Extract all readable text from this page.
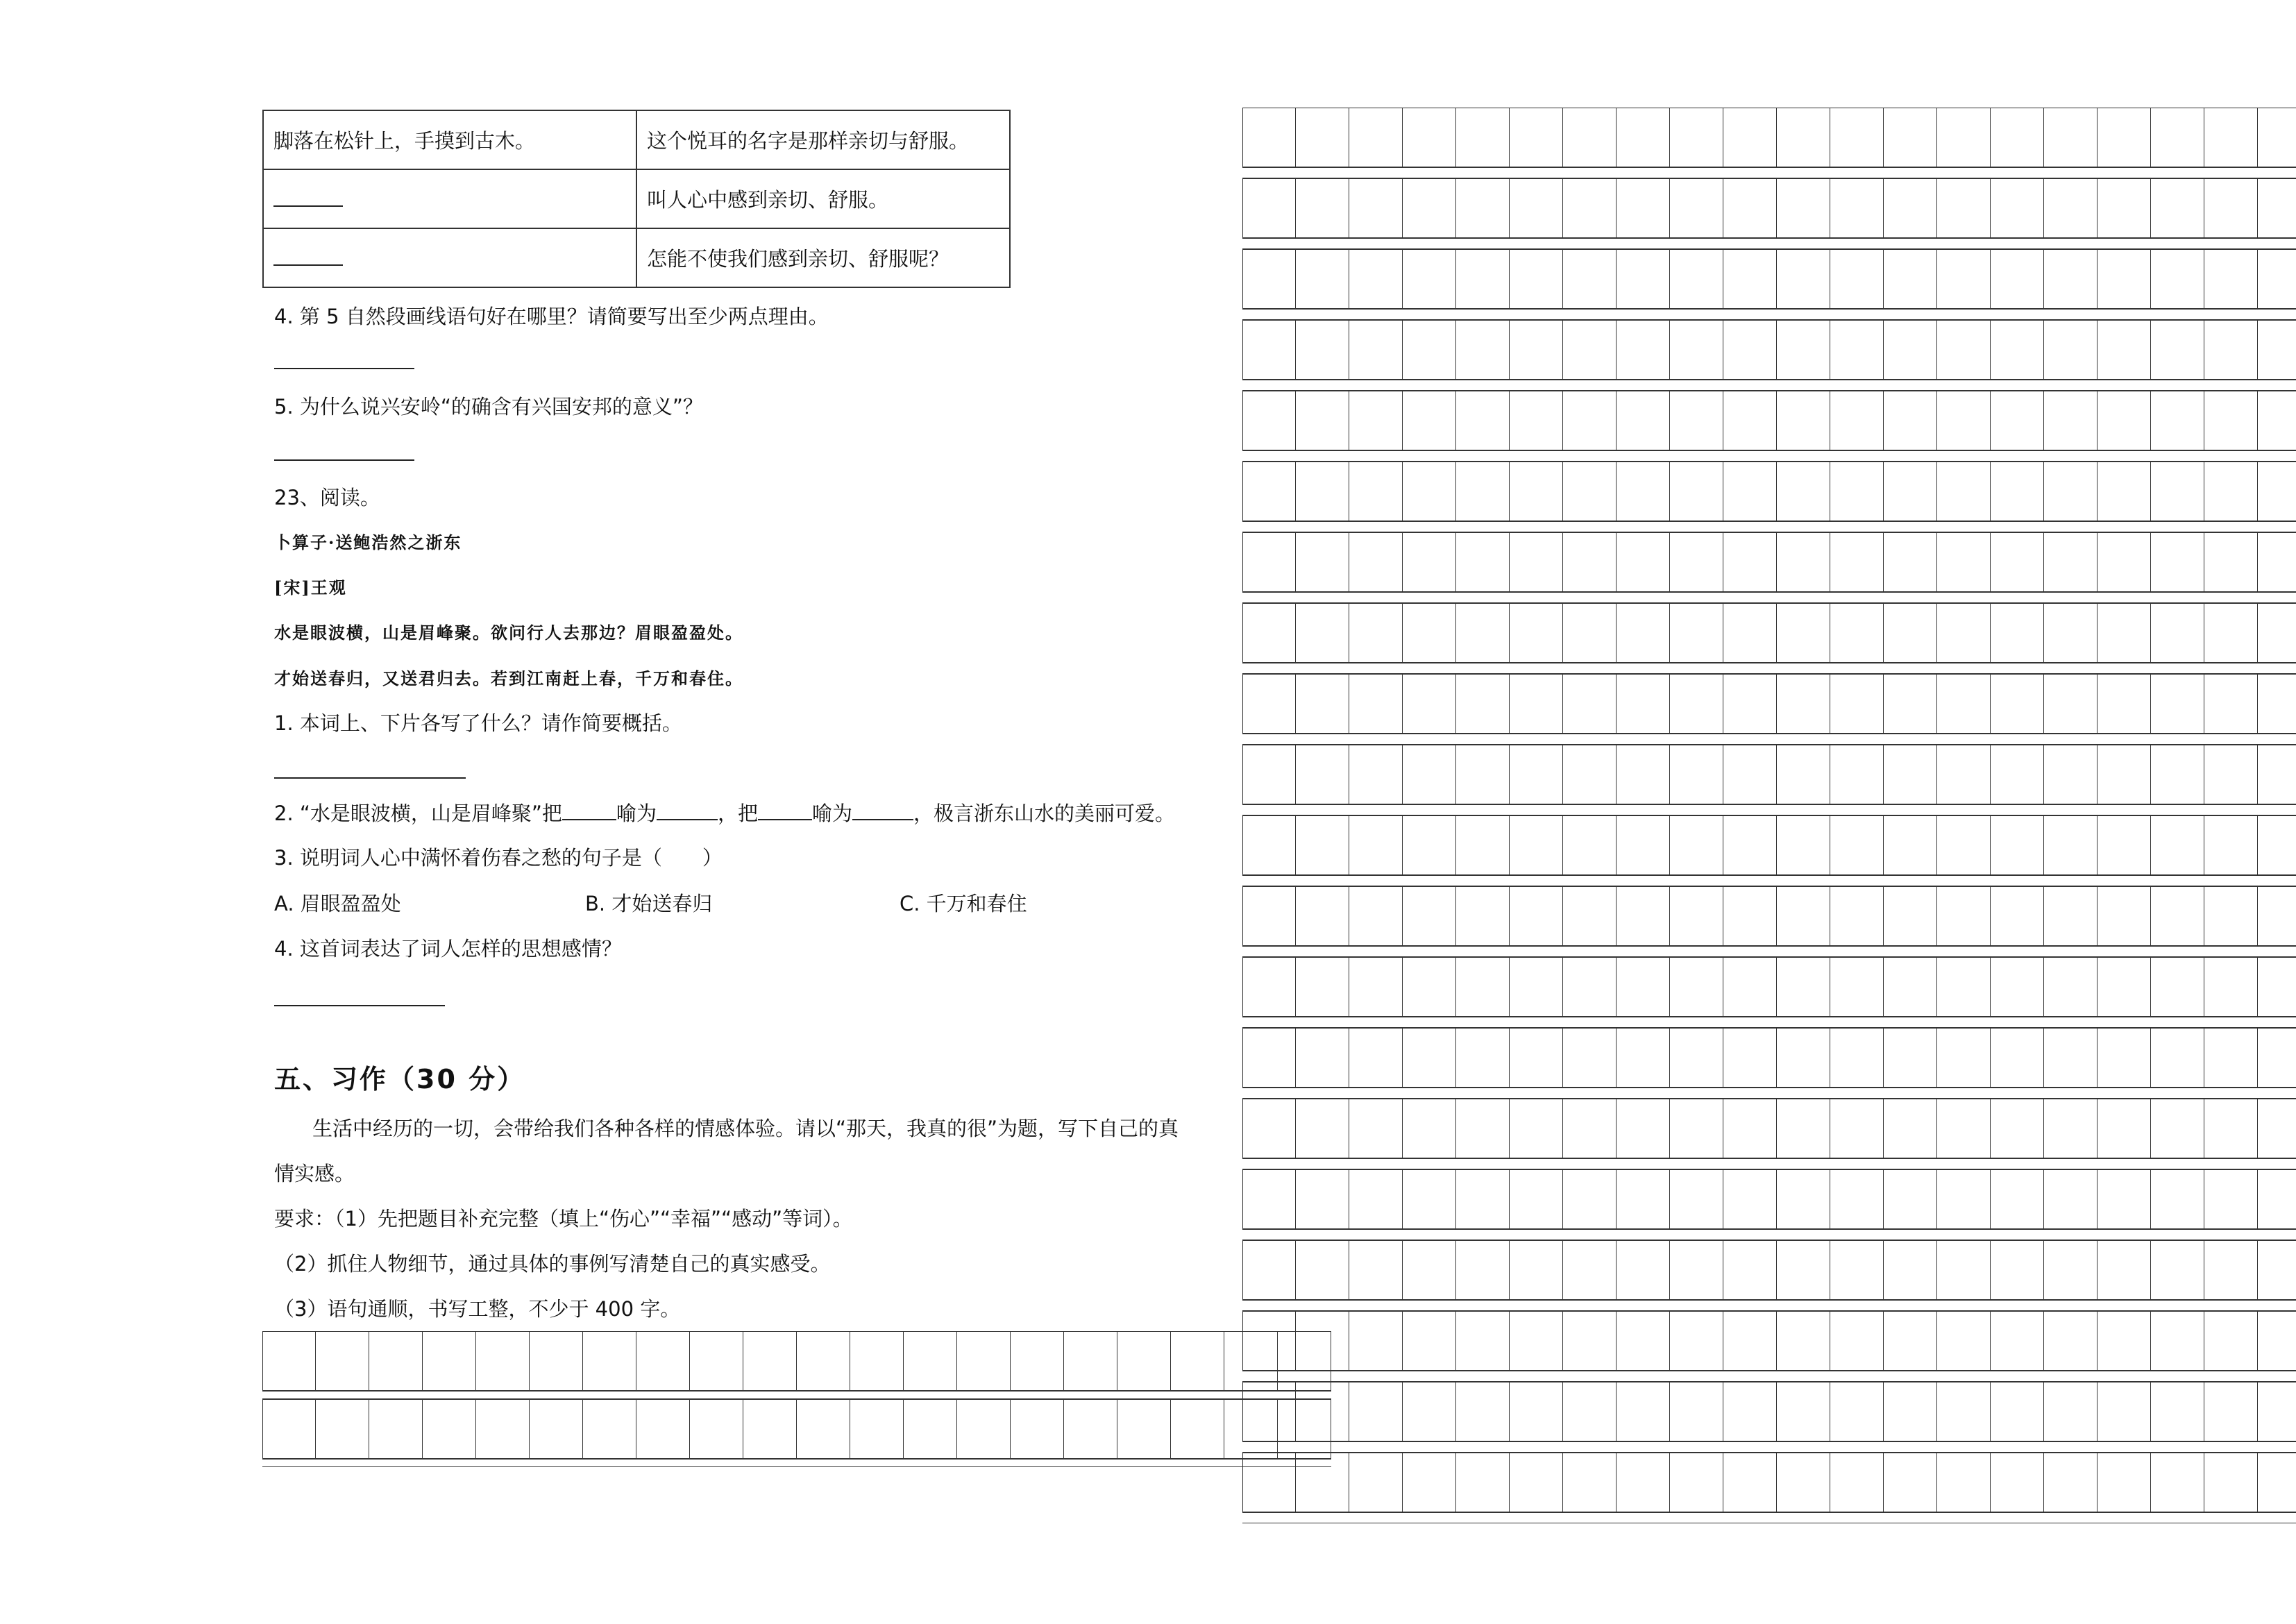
脚落在松针上，手摸到古木。	这个悦耳的名字是那样亲切与舒服。
	叫人心中感到亲切、舒服。
	怎能不使我们感到亲切、舒服呢？
4. 第 5 自然段画线语句好在哪里？请简要写出至少两点理由。
5. 为什么说兴安岭“的确含有兴国安邦的意义”？
23、阅读。
卜算子·送鲍浩然之浙东
[宋]王观
水是眼波横，山是眉峰聚。欲问行人去那边？眉眼盈盈处。
才始送春归，又送君归去。若到江南赶上春，千万和春住。
1. 本词上、下片各写了什么？请作简要概括。
2. “水是眼波横，山是眉峰聚”把	喻为	，把	喻为	，极言浙东山水的美丽可爱。
3. 说明词人心中满怀着伤春之愁的句子是（　　）
A. 眉眼盈盈处	B. 才始送春归	C. 千万和春住
4. 这首词表达了词人怎样的思想感情？
五、习作（30 分）
生活中经历的一切，会带给我们各种各样的情感体验。请以“那天，我真的很”为题，写下自己的真
情实感。
要求：（1）先把题目补充完整（填上“伤心”“幸福”“感动”等词）。
（2）抓住人物细节，通过具体的事例写清楚自己的真实感受。
（3）语句通顺，书写工整，不少于 400 字。
